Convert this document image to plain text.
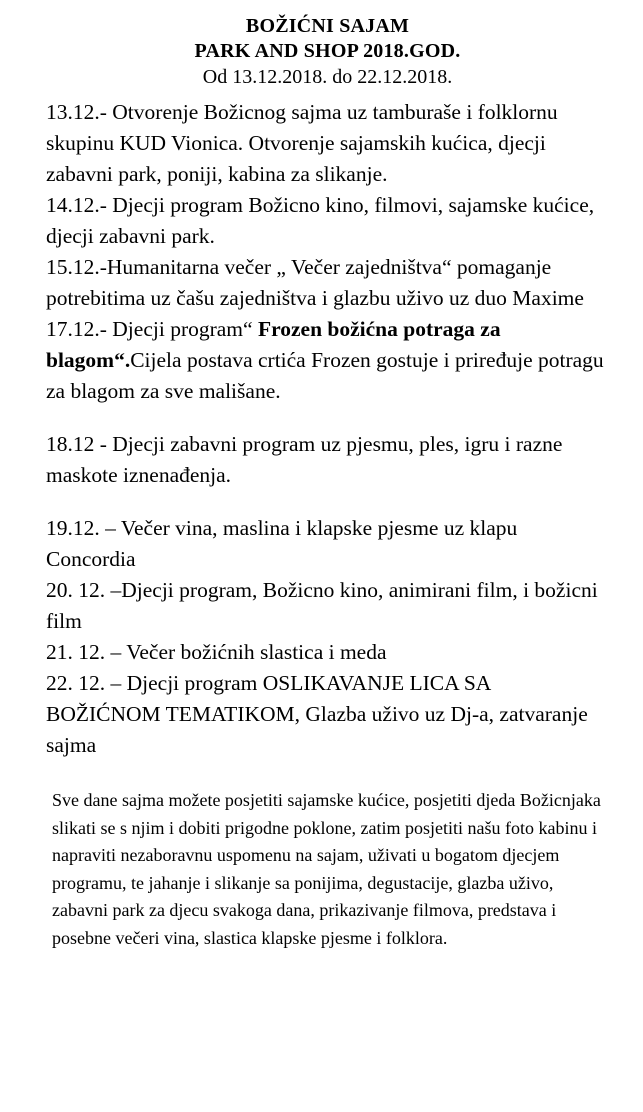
BOŽIĆNI SAJAM
PARK AND SHOP 2018.GOD.
Od 13.12.2018. do 22.12.2018.

13.12.- Otvorenje Božicnog sajma uz tamburaše i folklornu skupinu KUD Vionica. Otvorenje sajamskih kućica, djecji zabavni park, poniji, kabina za slikanje.

14.12.- Djecji program Božicno kino, filmovi, sajamske kućice, djecji zabavni park.

15.12.-Humanitarna večer „ Večer zajedništva“ pomaganje potrebitima uz čašu zajedništva i glazbu uživo uz duo Maxime

17.12.- Djecji program“ Frozen božićna potraga za blagom“.Cijela postava crtića Frozen gostuje i priređuje potragu za blagom za sve mališane.

18.12 - Djecji zabavni program uz pjesmu, ples, igru i razne maskote iznenađenja.

19.12. – Večer vina, maslina i klapske pjesme uz klapu Concordia

20. 12. –Djecji program, Božicno kino, animirani film, i božicni film

21. 12. – Večer božićnih slastica i meda

22. 12. – Djecji program OSLIKAVANJE LICA SA BOŽIĆNOM TEMATIKOM, Glazba uživo uz Dj-a, zatvaranje sajma

Sve dane sajma možete posjetiti sajamske kućice, posjetiti djeda Božicnjaka slikati se s njim i dobiti prigodne poklone, zatim posjetiti našu foto kabinu i napraviti nezaboravnu uspomenu na sajam, uživati u bogatom djecjem programu, te jahanje i slikanje sa ponijima, degustacije, glazba uživo, zabavni park za djecu svakoga dana, prikazivanje filmova, predstava i posebne večeri vina, slastica klapske pjesme i folklora.
